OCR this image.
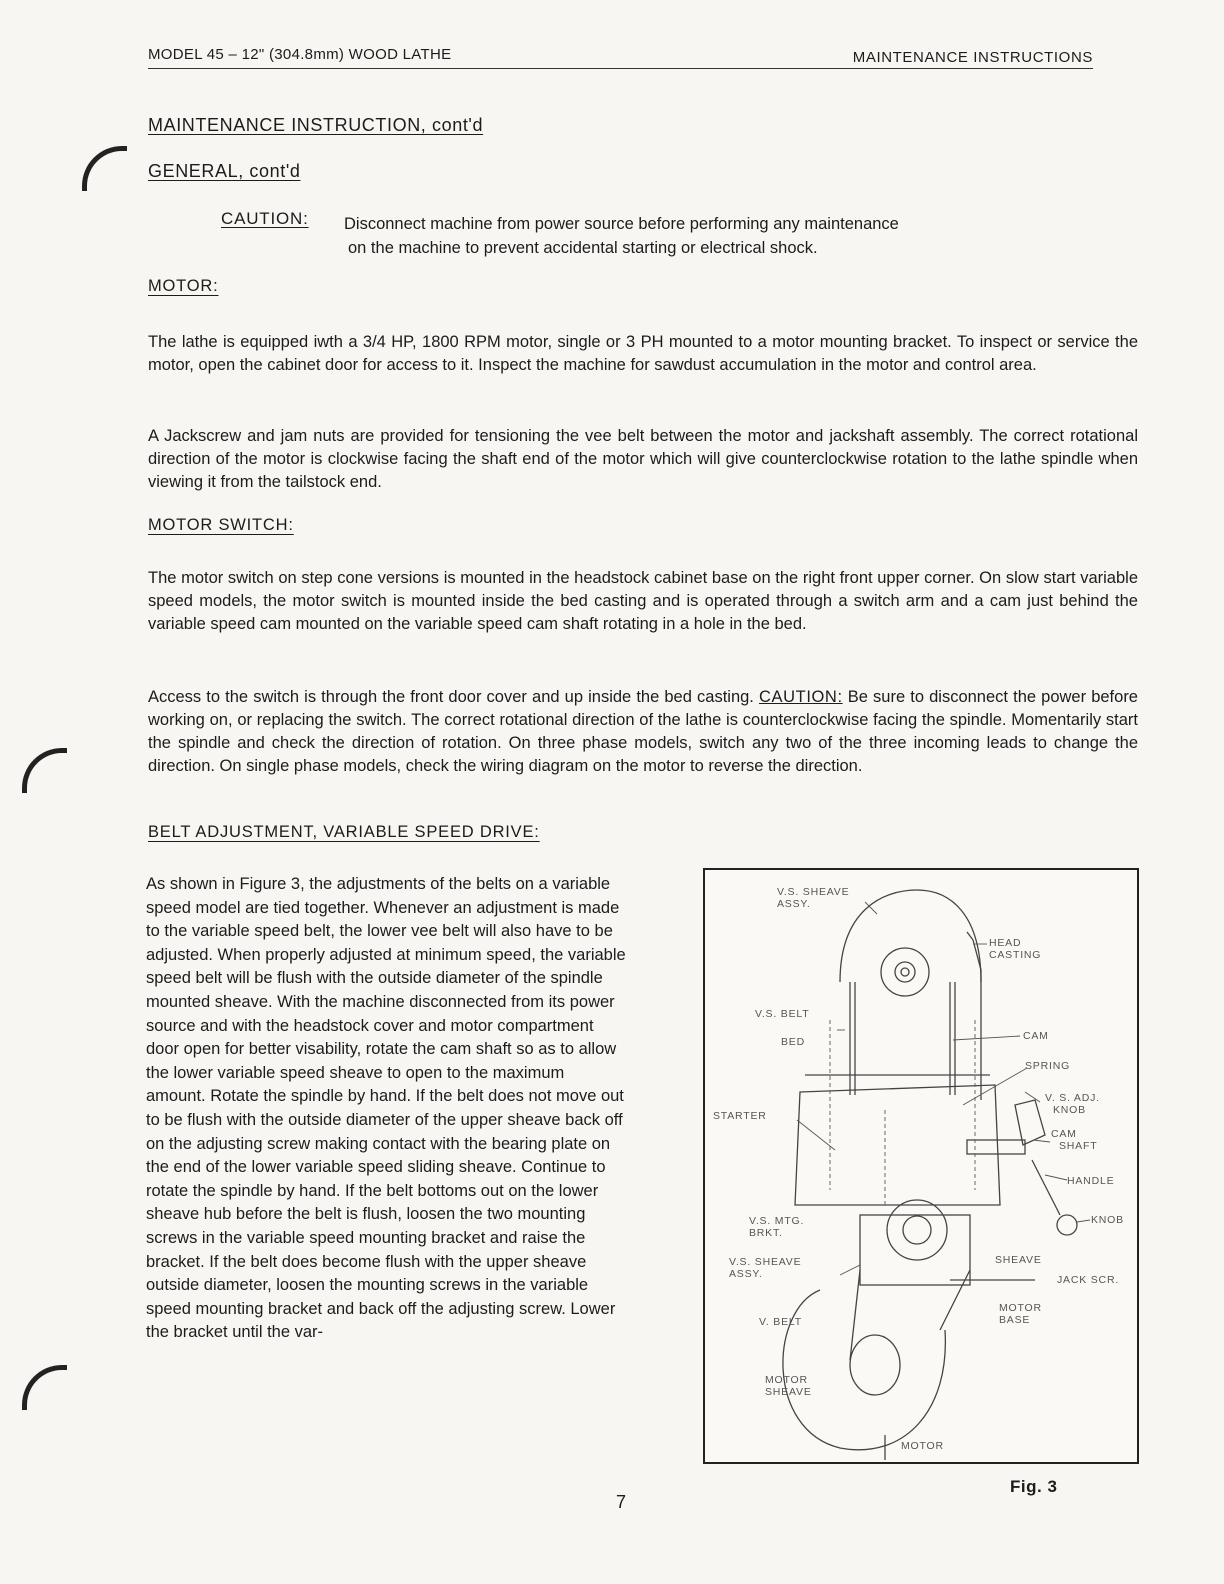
MODEL 45 – 12" (304.8mm) WOOD LATHE	MAINTENANCE INSTRUCTIONS
MAINTENANCE INSTRUCTION, cont'd
GENERAL, cont'd
CAUTION: Disconnect machine from power source before performing any maintenance
on the machine to prevent accidental starting or electrical shock.
MOTOR:
The lathe is equipped iwth a 3/4 HP, 1800 RPM motor, single or 3 PH mounted to a motor mounting bracket. To inspect or service the motor, open the cabinet door for access to it. Inspect the machine for sawdust accumulation in the motor and control area.
A Jackscrew and jam nuts are provided for tensioning the vee belt between the motor and jackshaft assembly. The correct rotational direction of the motor is clockwise facing the shaft end of the motor which will give counterclockwise rotation to the lathe spindle when viewing it from the tailstock end.
MOTOR SWITCH:
The motor switch on step cone versions is mounted in the headstock cabinet base on the right front upper corner. On slow start variable speed models, the motor switch is mounted inside the bed casting and is operated through a switch arm and a cam just behind the variable speed cam mounted on the variable speed cam shaft rotating in a hole in the bed.
Access to the switch is through the front door cover and up inside the bed casting. CAUTION: Be sure to disconnect the power before working on, or replacing the switch. The correct rotational direction of the lathe is counterclockwise facing the spindle. Momentarily start the spindle and check the direction of rotation. On three phase models, switch any two of the three incoming leads to change the direction. On single phase models, check the wiring diagram on the motor to reverse the direction.
BELT ADJUSTMENT, VARIABLE SPEED DRIVE:
As shown in Figure 3, the adjustments of the belts on a variable speed model are tied together. Whenever an adjustment is made to the variable speed belt, the lower vee belt will also have to be adjusted. When properly adjusted at minimum speed, the variable speed belt will be flush with the outside diameter of the spindle mounted sheave. With the machine disconnected from its power source and with the headstock cover and motor compartment door open for better visability, rotate the cam shaft so as to allow the lower variable speed sheave to open to the maximum amount. Rotate the spindle by hand. If the belt does not move out to be flush with the outside diameter of the upper sheave back off on the adjusting screw making contact with the bearing plate on the end of the lower variable speed sliding sheave. Continue to rotate the spindle by hand. If the belt bottoms out on the lower sheave hub before the belt is flush, loosen the two mounting screws in the variable speed mounting bracket and raise the bracket. If the belt does become flush with the upper sheave outside diameter, loosen the mounting screws in the variable speed mounting bracket and back off the adjusting screw. Lower the bracket until the var-
V.S. SHEAVE
ASSY.
HEAD
CASTING
V.S. BELT
BED	CAM
SPRING
V. S. ADJ.
KNOB
STARTER
CAM
SHAFT
HANDLE
KNOB
V.S. MTG.
BRKT.
V.S. SHEAVE
ASSY.
SHEAVE
JACK SCR.
V. BELT
MOTOR
BASE
MOTOR
SHEAVE
MOTOR
Fig. 3
7
